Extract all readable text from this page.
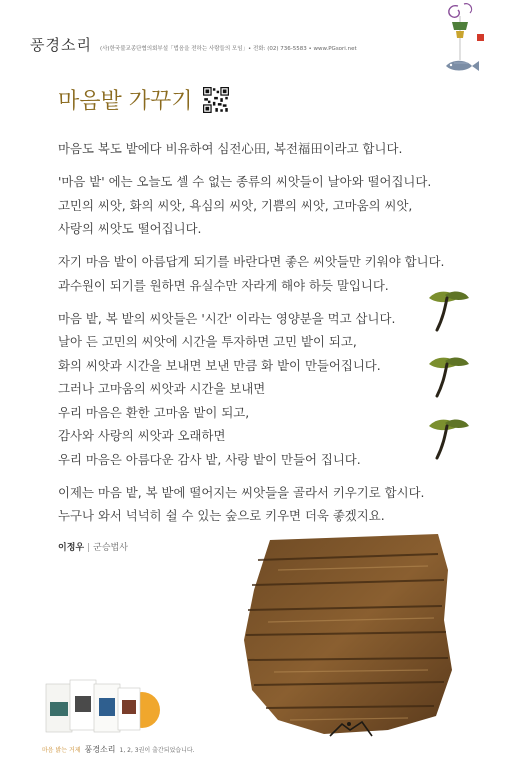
풍경소리 (사)한국불교종단협의회부설「법음을 전하는 사람들의 모임」• 전화: (02) 736-5583 • www.PGsori.net
마음밭 가꾸기

마음도 복도 밭에다 비유하여 심전心田, 복전福田이라고 합니다.

'마음 밭' 에는 오늘도 셀 수 없는 종류의 씨앗들이 날아와 떨어집니다.
고민의 씨앗, 화의 씨앗, 욕심의 씨앗, 기쁨의 씨앗, 고마움의 씨앗,
사랑의 씨앗도 떨어집니다.

자기 마음 밭이 아름답게 되기를 바란다면 좋은 씨앗들만 키워야 합니다.
과수원이 되기를 원하면 유실수만 자라게 해야 하듯 말입니다.

마음 밭, 복 밭의 씨앗들은 '시간' 이라는 영양분을 먹고 삽니다.
날아 든 고민의 씨앗에 시간을 투자하면 고민 밭이 되고,
화의 씨앗과 시간을 보내면 보낸 만큼 화 밭이 만들어집니다.
그러나 고마움의 씨앗과 시간을 보내면
우리 마음은 환한 고마움 밭이 되고,
감사와 사랑의 씨앗과 오래하면
우리 마음은 아름다운 감사 밭, 사랑 밭이 만들어 집니다.

이제는 마음 밭, 복 밭에 떨어지는 씨앗들을 골라서 키우기로 합시다.
누구나 와서 넉넉히 쉴 수 있는 숲으로 키우면 더욱 좋겠지요.

이정우 | 군승법사
마음 밝는 거제 풍경소리 1, 2, 3권이 출간되었습니다.
